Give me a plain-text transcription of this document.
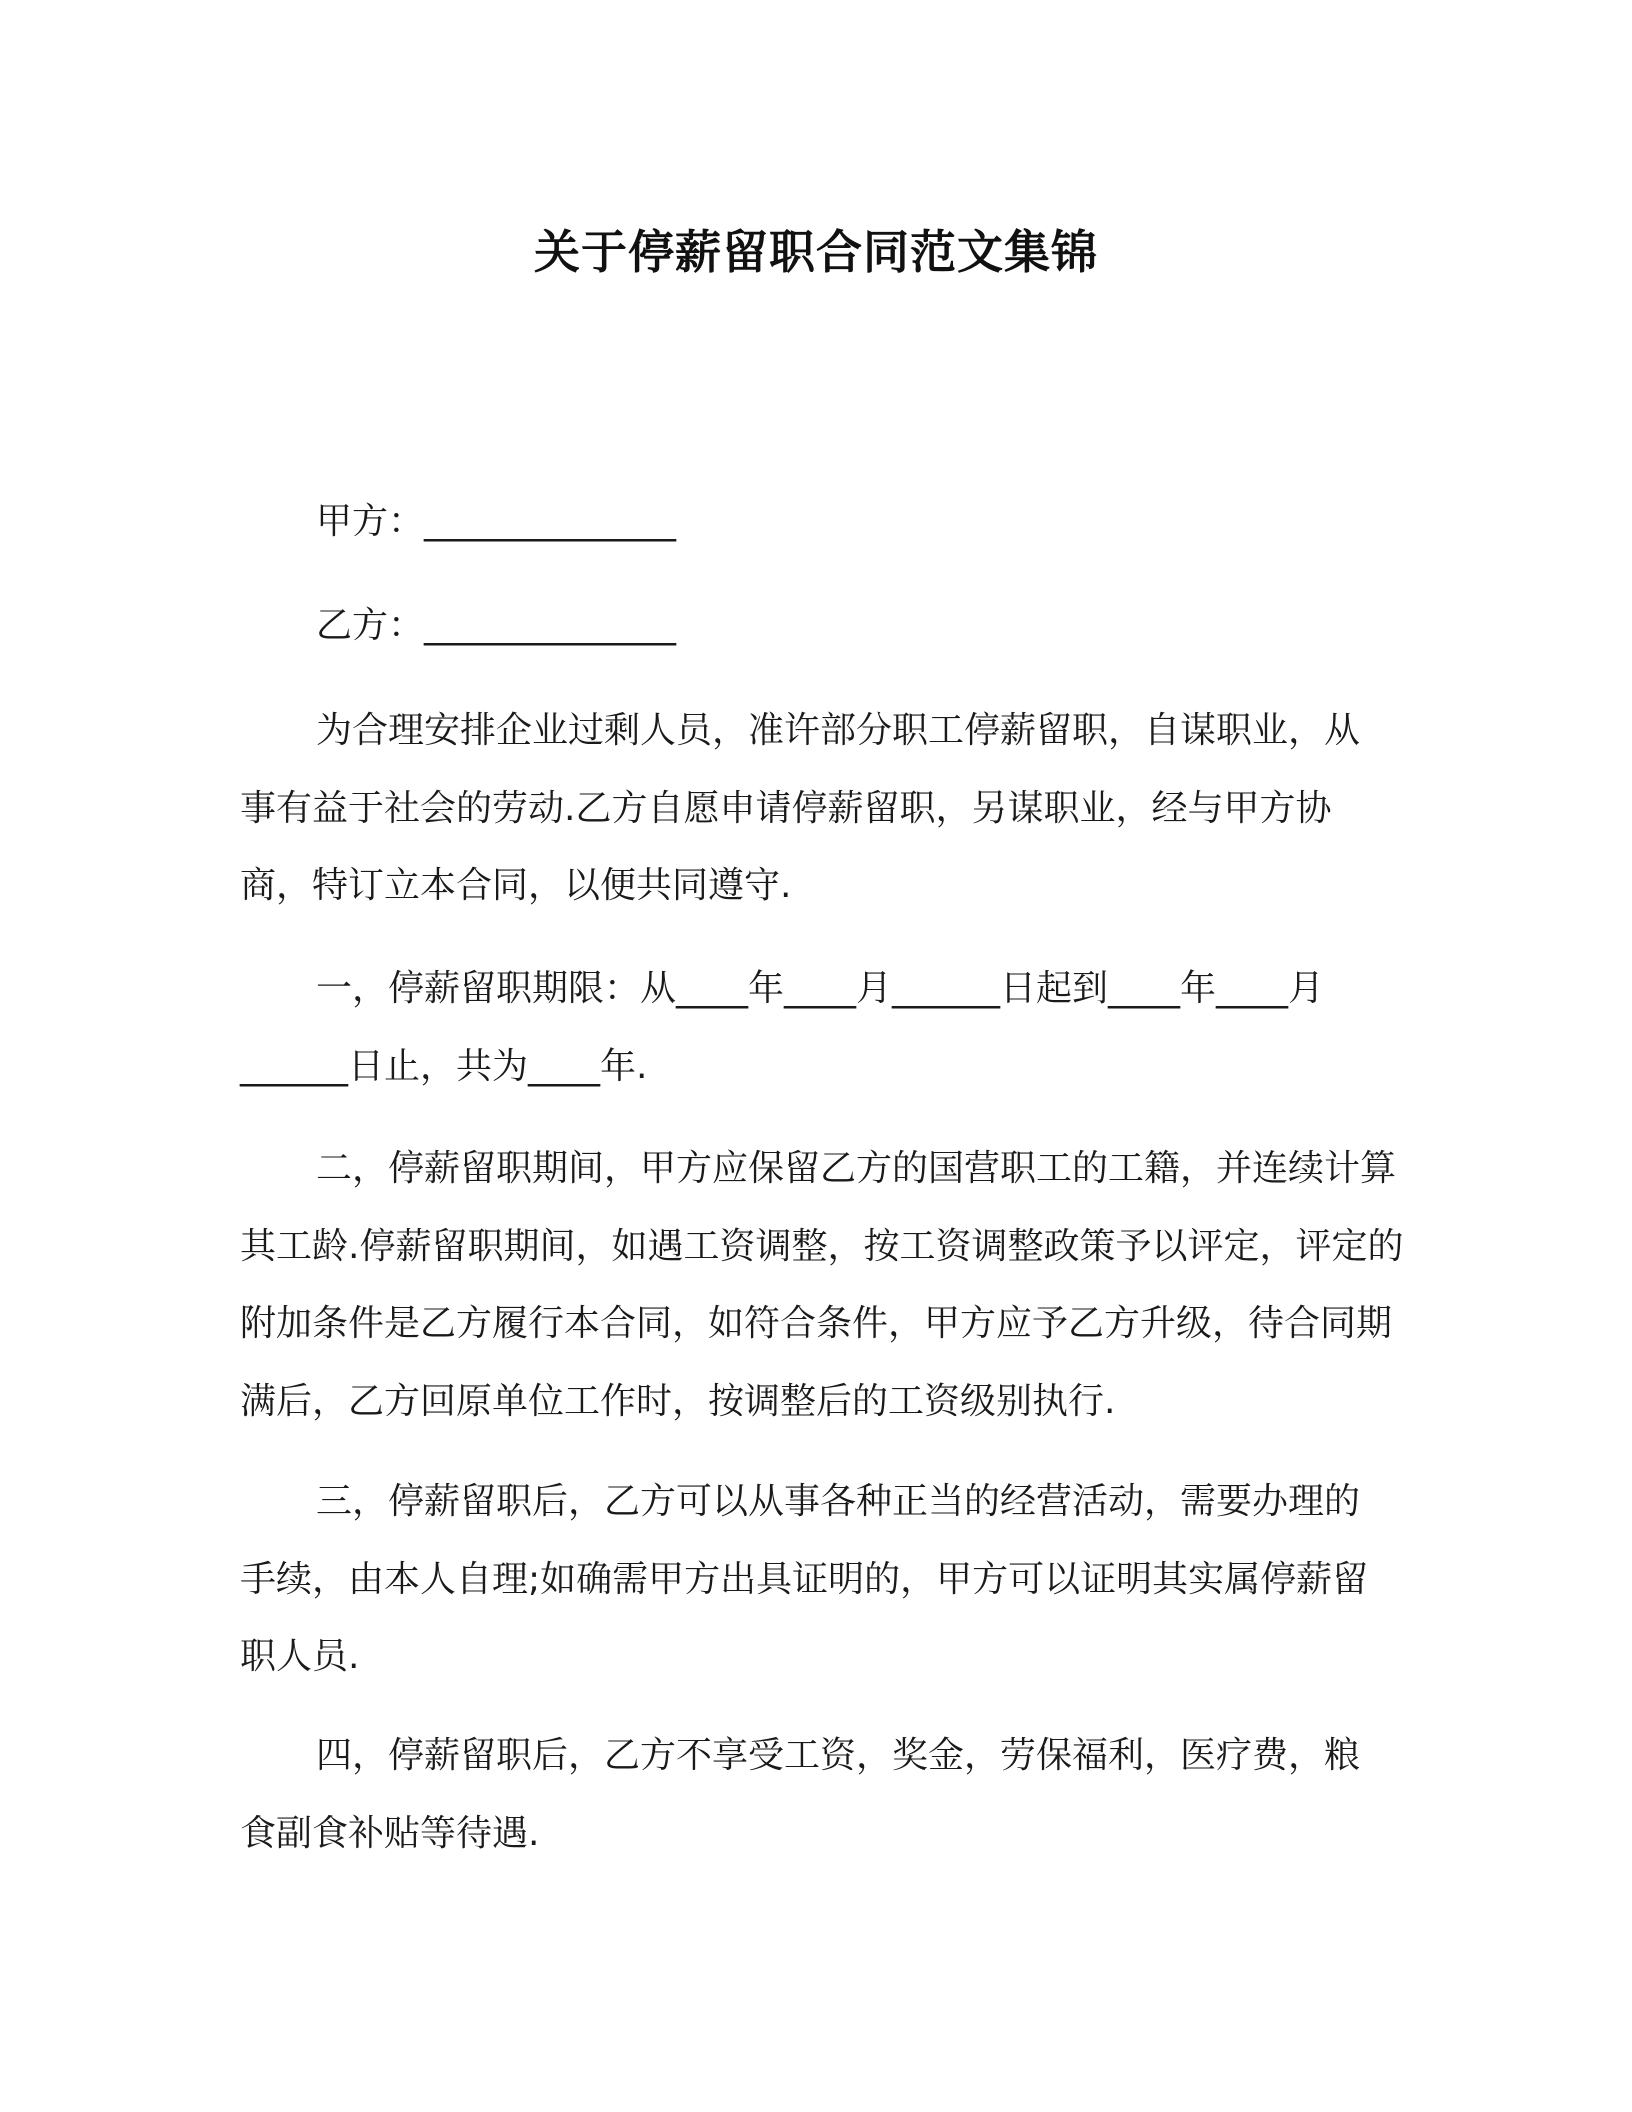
关于停薪留职合同范文集锦
甲方：______________
乙方：______________
为合理安排企业过剩人员，准许部分职工停薪留职，自谋职业，从事有益于社会的劳动.乙方自愿申请停薪留职，另谋职业，经与甲方协商，特订立本合同，以便共同遵守.
一，停薪留职期限：从____年____月______日起到____年____月______日止，共为____年.
二，停薪留职期间，甲方应保留乙方的国营职工的工籍，并连续计算其工龄.停薪留职期间，如遇工资调整，按工资调整政策予以评定，评定的附加条件是乙方履行本合同，如符合条件，甲方应予乙方升级，待合同期满后，乙方回原单位工作时，按调整后的工资级别执行.
三，停薪留职后，乙方可以从事各种正当的经营活动，需要办理的手续，由本人自理;如确需甲方出具证明的，甲方可以证明其实属停薪留职人员.
四，停薪留职后，乙方不享受工资，奖金，劳保福利，医疗费，粮食副食补贴等待遇.
